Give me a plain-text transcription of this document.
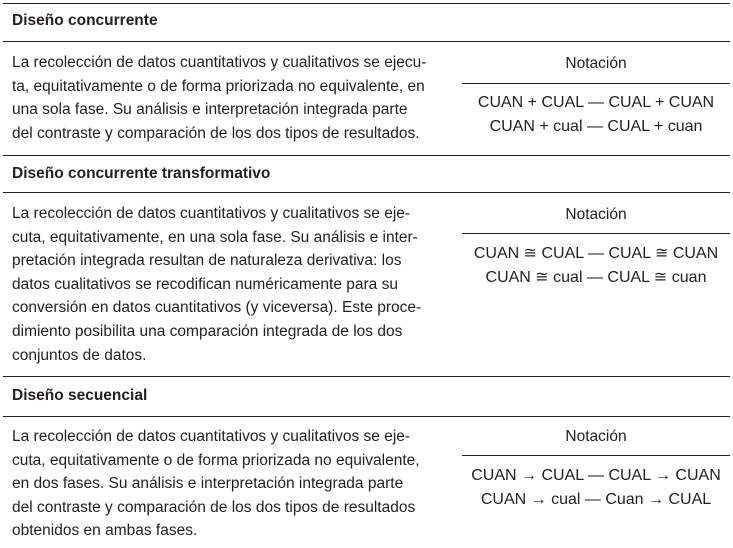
Diseño concurrente
La recolección de datos cuantitativos y cualitativos se ejecu-
ta, equitativamente o de forma priorizada no equivalente, en
una sola fase. Su análisis e interpretación integrada parte
del contraste y comparación de los dos tipos de resultados.
Notación
CUAN + CUAL — CUAL + CUAN
CUAN + cual — CUAL + cuan
Diseño concurrente transformativo
La recolección de datos cuantitativos y cualitativos se eje-
cuta, equitativamente, en una sola fase. Su análisis e inter-
pretación integrada resultan de naturaleza derivativa: los
datos cualitativos se recodifican numéricamente para su
conversión en datos cuantitativos (y viceversa). Este proce-
dimiento posibilita una comparación integrada de los dos
conjuntos de datos.
Notación
CUAN ≅ CUAL — CUAL ≅ CUAN
CUAN ≅ cual — CUAL ≅ cuan
Diseño secuencial
La recolección de datos cuantitativos y cualitativos se eje-
cuta, equitativamente o de forma priorizada no equivalente,
en dos fases. Su análisis e interpretación integrada parte
del contraste y comparación de los dos tipos de resultados
obtenidos en ambas fases.
Notación
CUAN → CUAL — CUAL → CUAN
CUAN → cual — Cuan → CUAL
